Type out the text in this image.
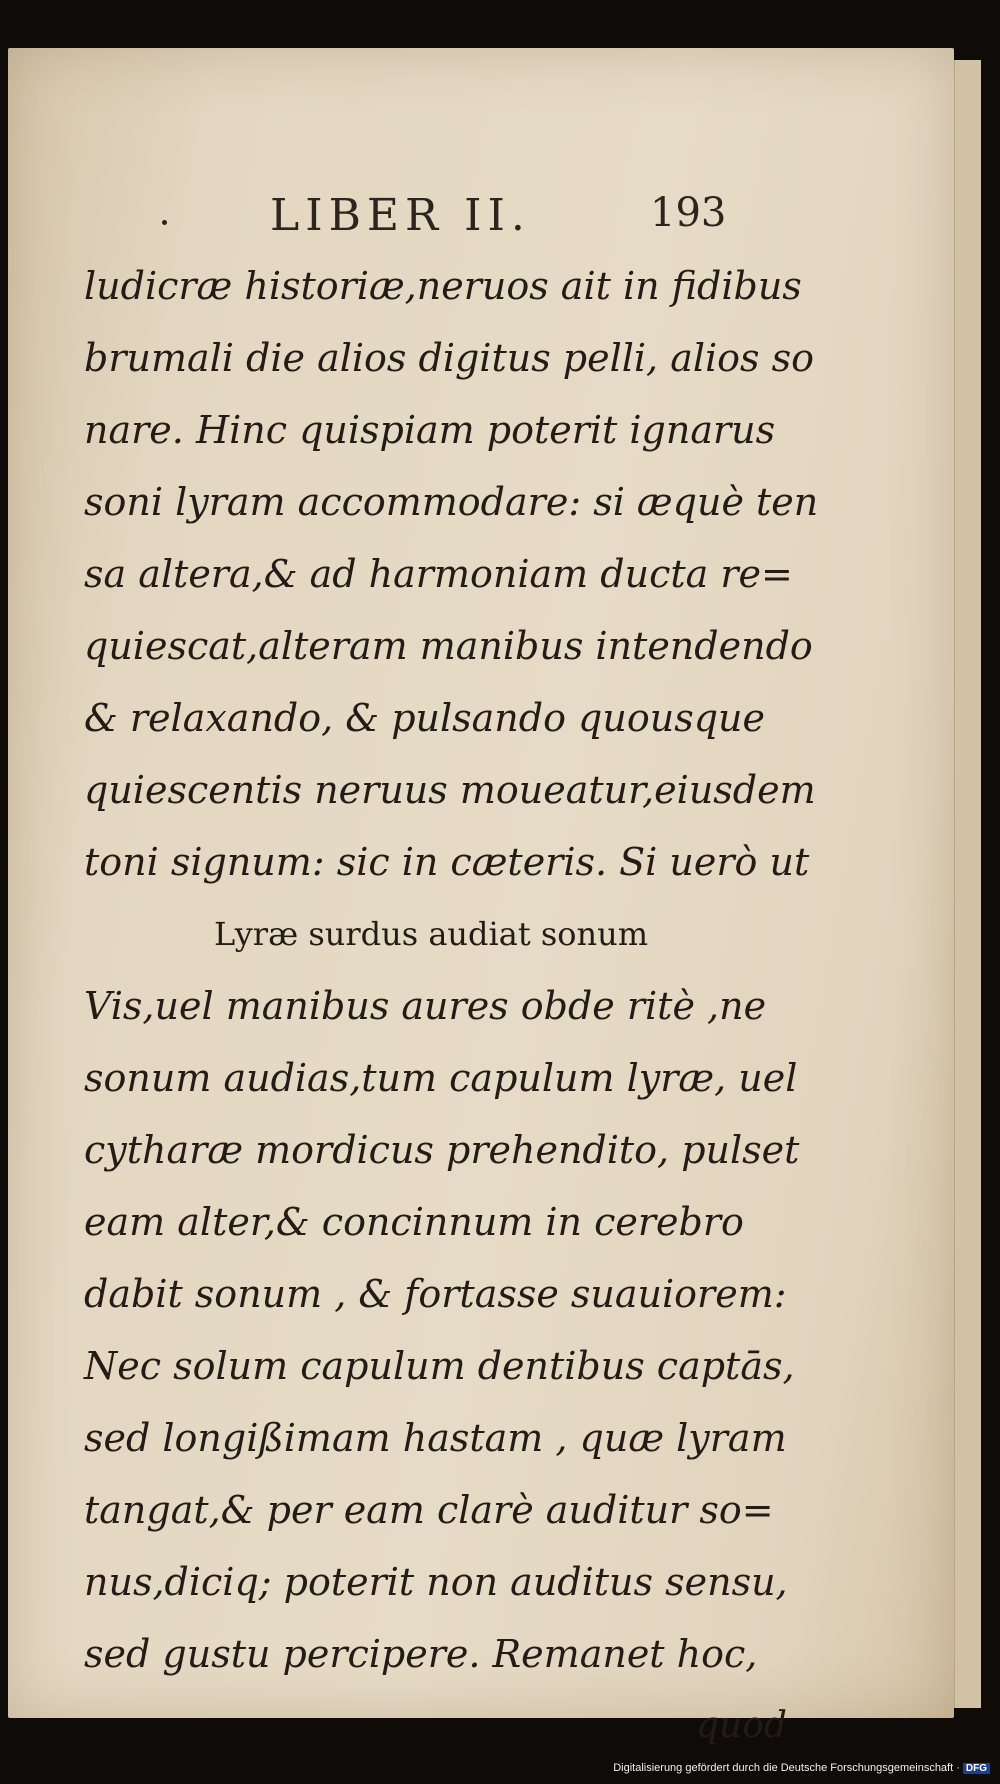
LIBER II.	193
ludicræ historiæ,neruos ait in fidibus
brumali die alios digitus pelli, alios so
nare. Hinc quispiam poterit ignarus
soni lyram accommodare: si æquè ten
sa altera,& ad harmoniam ducta re=
quiescat,alteram manibus intendendo
& relaxando, & pulsando quousque
quiescentis neruus moueatur,eiusdem
toni signum: sic in cæteris. Si uerò ut
Lyræ surdus audiat sonum
Vis,uel manibus aures obde ritè ,ne
sonum audias,tum capulum lyræ, uel
cytharæ mordicus prehendito, pulset
eam alter,& concinnum in cerebro
dabit sonum , & fortasse suauiorem:
Nec solum capulum dentibus captās,
sed longißimam hastam , quæ lyram
tangat,& per eam clarè auditur so=
nus,diciq; poterit non auditus sensu,
sed gustu percipere. Remanet hoc,
quod
Digitalisierung gefördert durch die Deutsche Forschungsgemeinschaft · DFG
